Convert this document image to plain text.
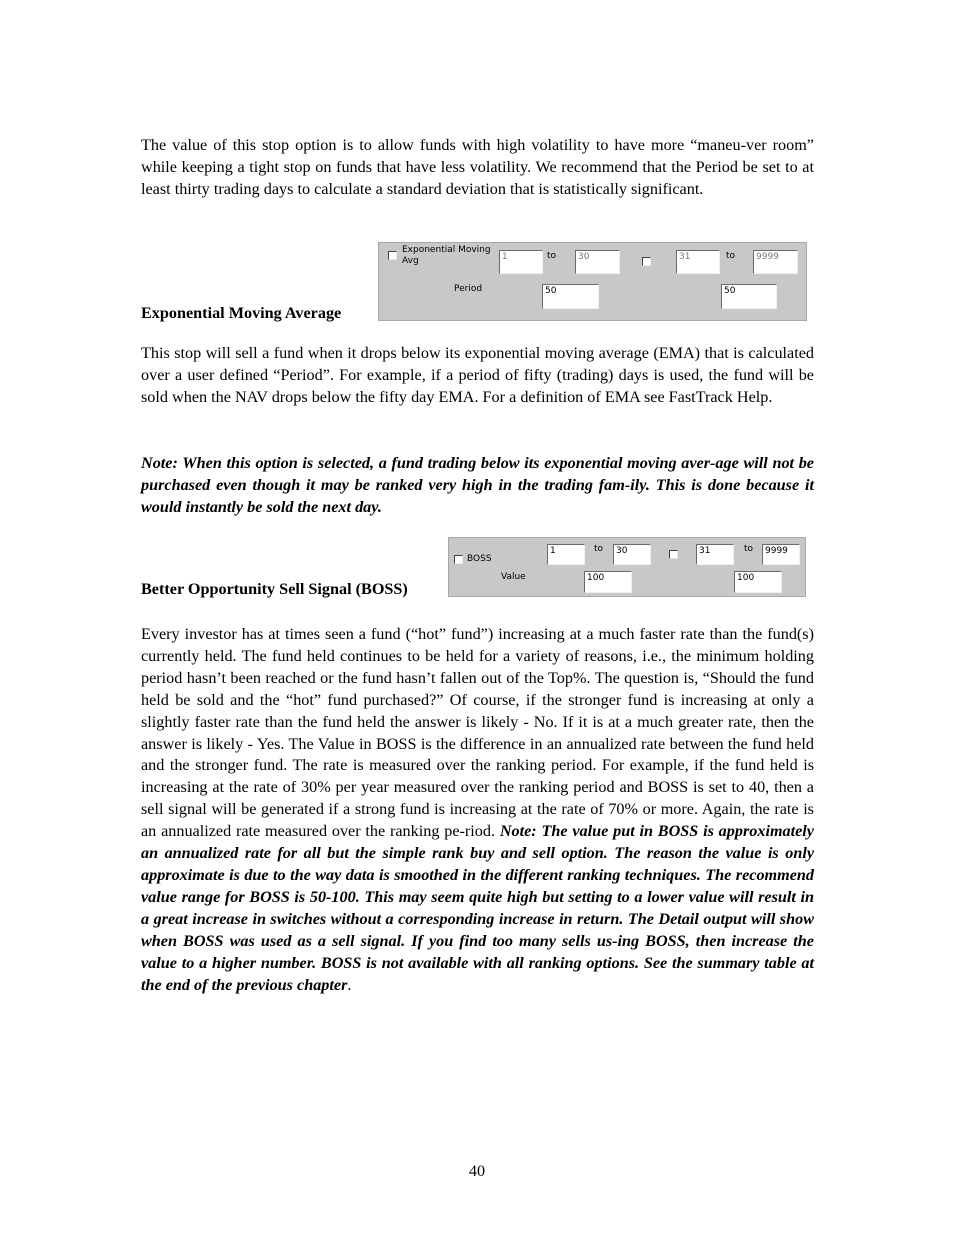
The value of this stop option is to allow funds with high volatility to have more “maneu-ver room” while keeping a tight stop on funds that have less volatility. We recommend that the Period be set to at least thirty trading days to calculate a standard deviation that is statistically significant.

Exponential Moving
Avg	1	to	30	31	to	9999
Period	50	50
Exponential Moving Average

This stop will sell a fund when it drops below its exponential moving average (EMA) that is calculated over a user defined “Period”. For example, if a period of fifty (trading) days is used, the fund will be sold when the NAV drops below the fifty day EMA. For a definition of EMA see FastTrack Help.

Note: When this option is selected, a fund trading below its exponential moving aver-age will not be purchased even though it may be ranked very high in the trading fam-ily. This is done because it would instantly be sold the next day.

BOSS
1	to	30	31	to	9999
Value	100	100
Better Opportunity Sell Signal (BOSS)

Every investor has at times seen a fund (“hot” fund”) increasing at a much faster rate than the fund(s) currently held. The fund held continues to be held for a variety of reasons, i.e., the minimum holding period hasn’t been reached or the fund hasn’t fallen out of the Top%. The question is, “Should the fund held be sold and the “hot” fund purchased?” Of course, if the stronger fund is increasing at only a slightly faster rate than the fund held the answer is likely - No. If it is at a much greater rate, then the answer is likely - Yes. The Value in BOSS is the difference in an annualized rate between the fund held and the stronger fund. The rate is measured over the ranking period. For example, if the fund held is increasing at the rate of 30% per year measured over the ranking period and BOSS is set to 40, then a sell signal will be generated if a strong fund is increasing at the rate of 70% or more. Again, the rate is an annualized rate measured over the ranking pe-riod. Note: The value put in BOSS is approximately an annualized rate for all but the simple rank buy and sell option. The reason the value is only approximate is due to the way data is smoothed in the different ranking techniques. The recommend value range for BOSS is 50-100. This may seem quite high but setting to a lower value will result in a great increase in switches without a corresponding increase in return. The Detail output will show when BOSS was used as a sell signal. If you find too many sells us-ing BOSS, then increase the value to a higher number. BOSS is not available with all ranking options. See the summary table at the end of the previous chapter.

40
